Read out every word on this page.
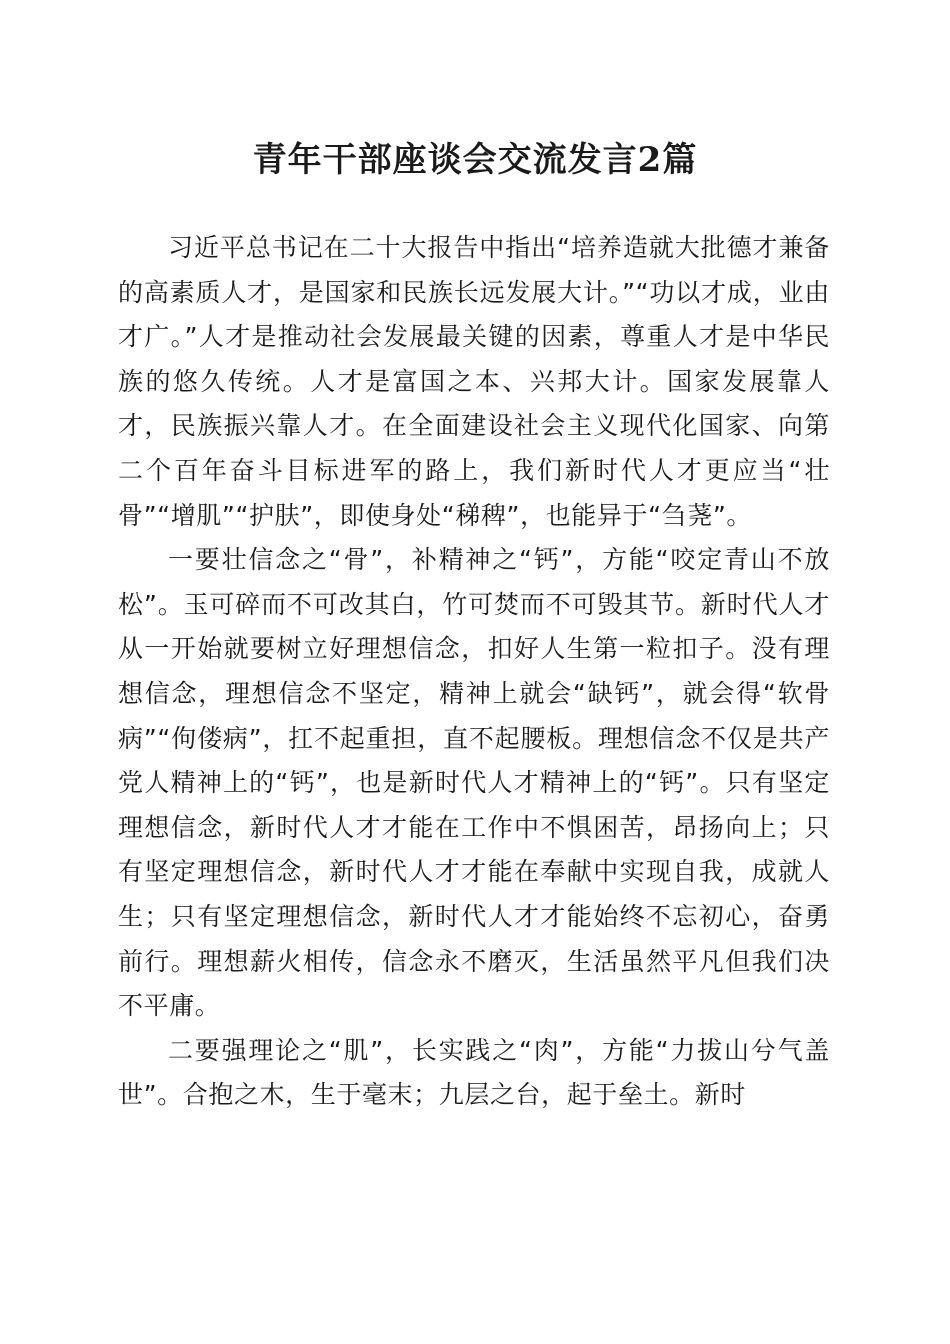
青年干部座谈会交流发言2篇

习近平总书记在二十大报告中指出“培养造就大批德才兼备的高素质人才，是国家和民族长远发展大计。”“功以才成，业由才广。”人才是推动社会发展最关键的因素，尊重人才是中华民族的悠久传统。人才是富国之本、兴邦大计。国家发展靠人才，民族振兴靠人才。在全面建设社会主义现代化国家、向第二个百年奋斗目标进军的路上，我们新时代人才更应当“壮骨”“增肌”“护肤”，即使身处“稊稗”，也能异于“刍荛”。

一要壮信念之“骨”，补精神之“钙”，方能“咬定青山不放松”。玉可碎而不可改其白，竹可焚而不可毁其节。新时代人才从一开始就要树立好理想信念，扣好人生第一粒扣子。没有理想信念，理想信念不坚定，精神上就会“缺钙”，就会得“软骨病”“佝偻病”，扛不起重担，直不起腰板。理想信念不仅是共产党人精神上的“钙”，也是新时代人才精神上的“钙”。只有坚定理想信念，新时代人才才能在工作中不惧困苦，昂扬向上；只有坚定理想信念，新时代人才才能在奉献中实现自我，成就人生；只有坚定理想信念，新时代人才才能始终不忘初心，奋勇前行。理想薪火相传，信念永不磨灭，生活虽然平凡但我们决不平庸。

二要强理论之“肌”，长实践之“肉”，方能“力拔山兮气盖世”。合抱之木，生于毫末；九层之台，起于垒土。新时
